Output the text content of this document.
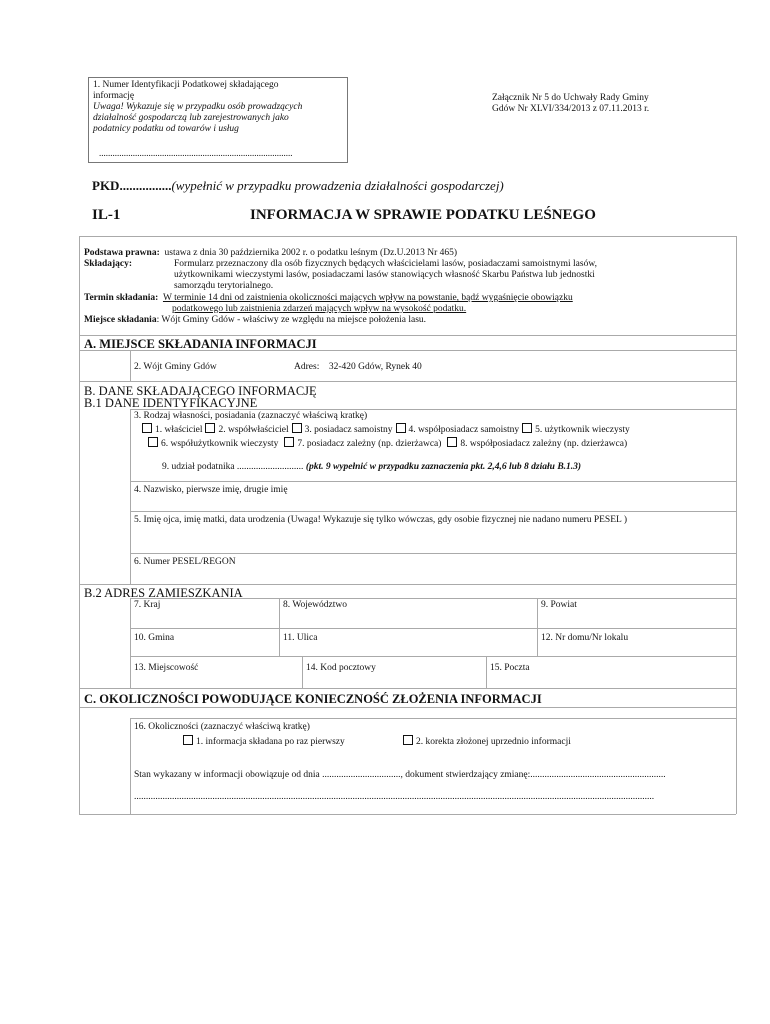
1. Numer Identyfikacji Podatkowej składającego
informację
Uwaga! Wykazuje się w przypadku osób prowadzących
działalność gospodarczą lub zarejestrowanych jako
podatnicy podatku od towarów i usług
......................................................................................
Załącznik Nr 5 do Uchwały Rady Gminy
Gdów Nr XLVI/334/2013 z 07.11.2013 r.
PKD................(wypełnić w przypadku prowadzenia działalności gospodarczej)
IL-1	INFORMACJA W SPRAWIE PODATKU LEŚNEGO
Podstawa prawna: ustawa z dnia 30 października 2002 r. o podatku leśnym (Dz.U.2013 Nr 465)
Składający:	Formularz przeznaczony dla osób fizycznych będących właścicielami lasów, posiadaczami samoistnymi lasów,
użytkownikami wieczystymi lasów, posiadaczami lasów stanowiących własność Skarbu Państwa lub jednostki
samorządu terytorialnego.
Termin składania: W terminie 14 dni od zaistnienia okoliczności mających wpływ na powstanie, bądź wygaśnięcie obowiązku
podatkowego lub zaistnienia zdarzeń mających wpływ na wysokość podatku.
Miejsce składania: Wójt Gminy Gdów - właściwy ze względu na miejsce położenia lasu.
A. MIEJSCE SKŁADANIA INFORMACJI
2. Wójt Gminy Gdów	Adres: 32-420 Gdów, Rynek 40
B. DANE SKŁADAJĄCEGO INFORMACJĘ
B.1 DANE IDENTYFIKACYJNE
3. Rodzaj własności, posiadania (zaznaczyć właściwą kratkę)
1. właściciel 2. współwłaściciel 3. posiadacz samoistny 4. współposiadacz samoistny 5. użytkownik wieczysty
6. współużytkownik wieczysty 7. posiadacz zależny (np. dzierżawca) 8. współposiadacz zależny (np. dzierżawca)
9. udział podatnika ............................ (pkt. 9 wypełnić w przypadku zaznaczenia pkt. 2,4,6 lub 8 działu B.1.3)
4. Nazwisko, pierwsze imię, drugie imię
5. Imię ojca, imię matki, data urodzenia (Uwaga! Wykazuje się tylko wówczas, gdy osobie fizycznej nie nadano numeru PESEL )
6. Numer PESEL/REGON
B.2 ADRES ZAMIESZKANIA
7. Kraj	8. Województwo	9. Powiat
10. Gmina	11. Ulica	12. Nr domu/Nr lokalu
13. Miejscowość	14. Kod pocztowy	15. Poczta
C. OKOLICZNOŚCI POWODUJĄCE KONIECZNOŚĆ ZŁOŻENIA INFORMACJI
16. Okoliczności (zaznaczyć właściwą kratkę)
1. informacja składana po raz pierwszy	2. korekta złożonej uprzednio informacji
Stan wykazany w informacji obowiązuje od dnia ................................., dokument stwierdzający zmianę:.........................................................
...........................................................................................................................................................................................................................
